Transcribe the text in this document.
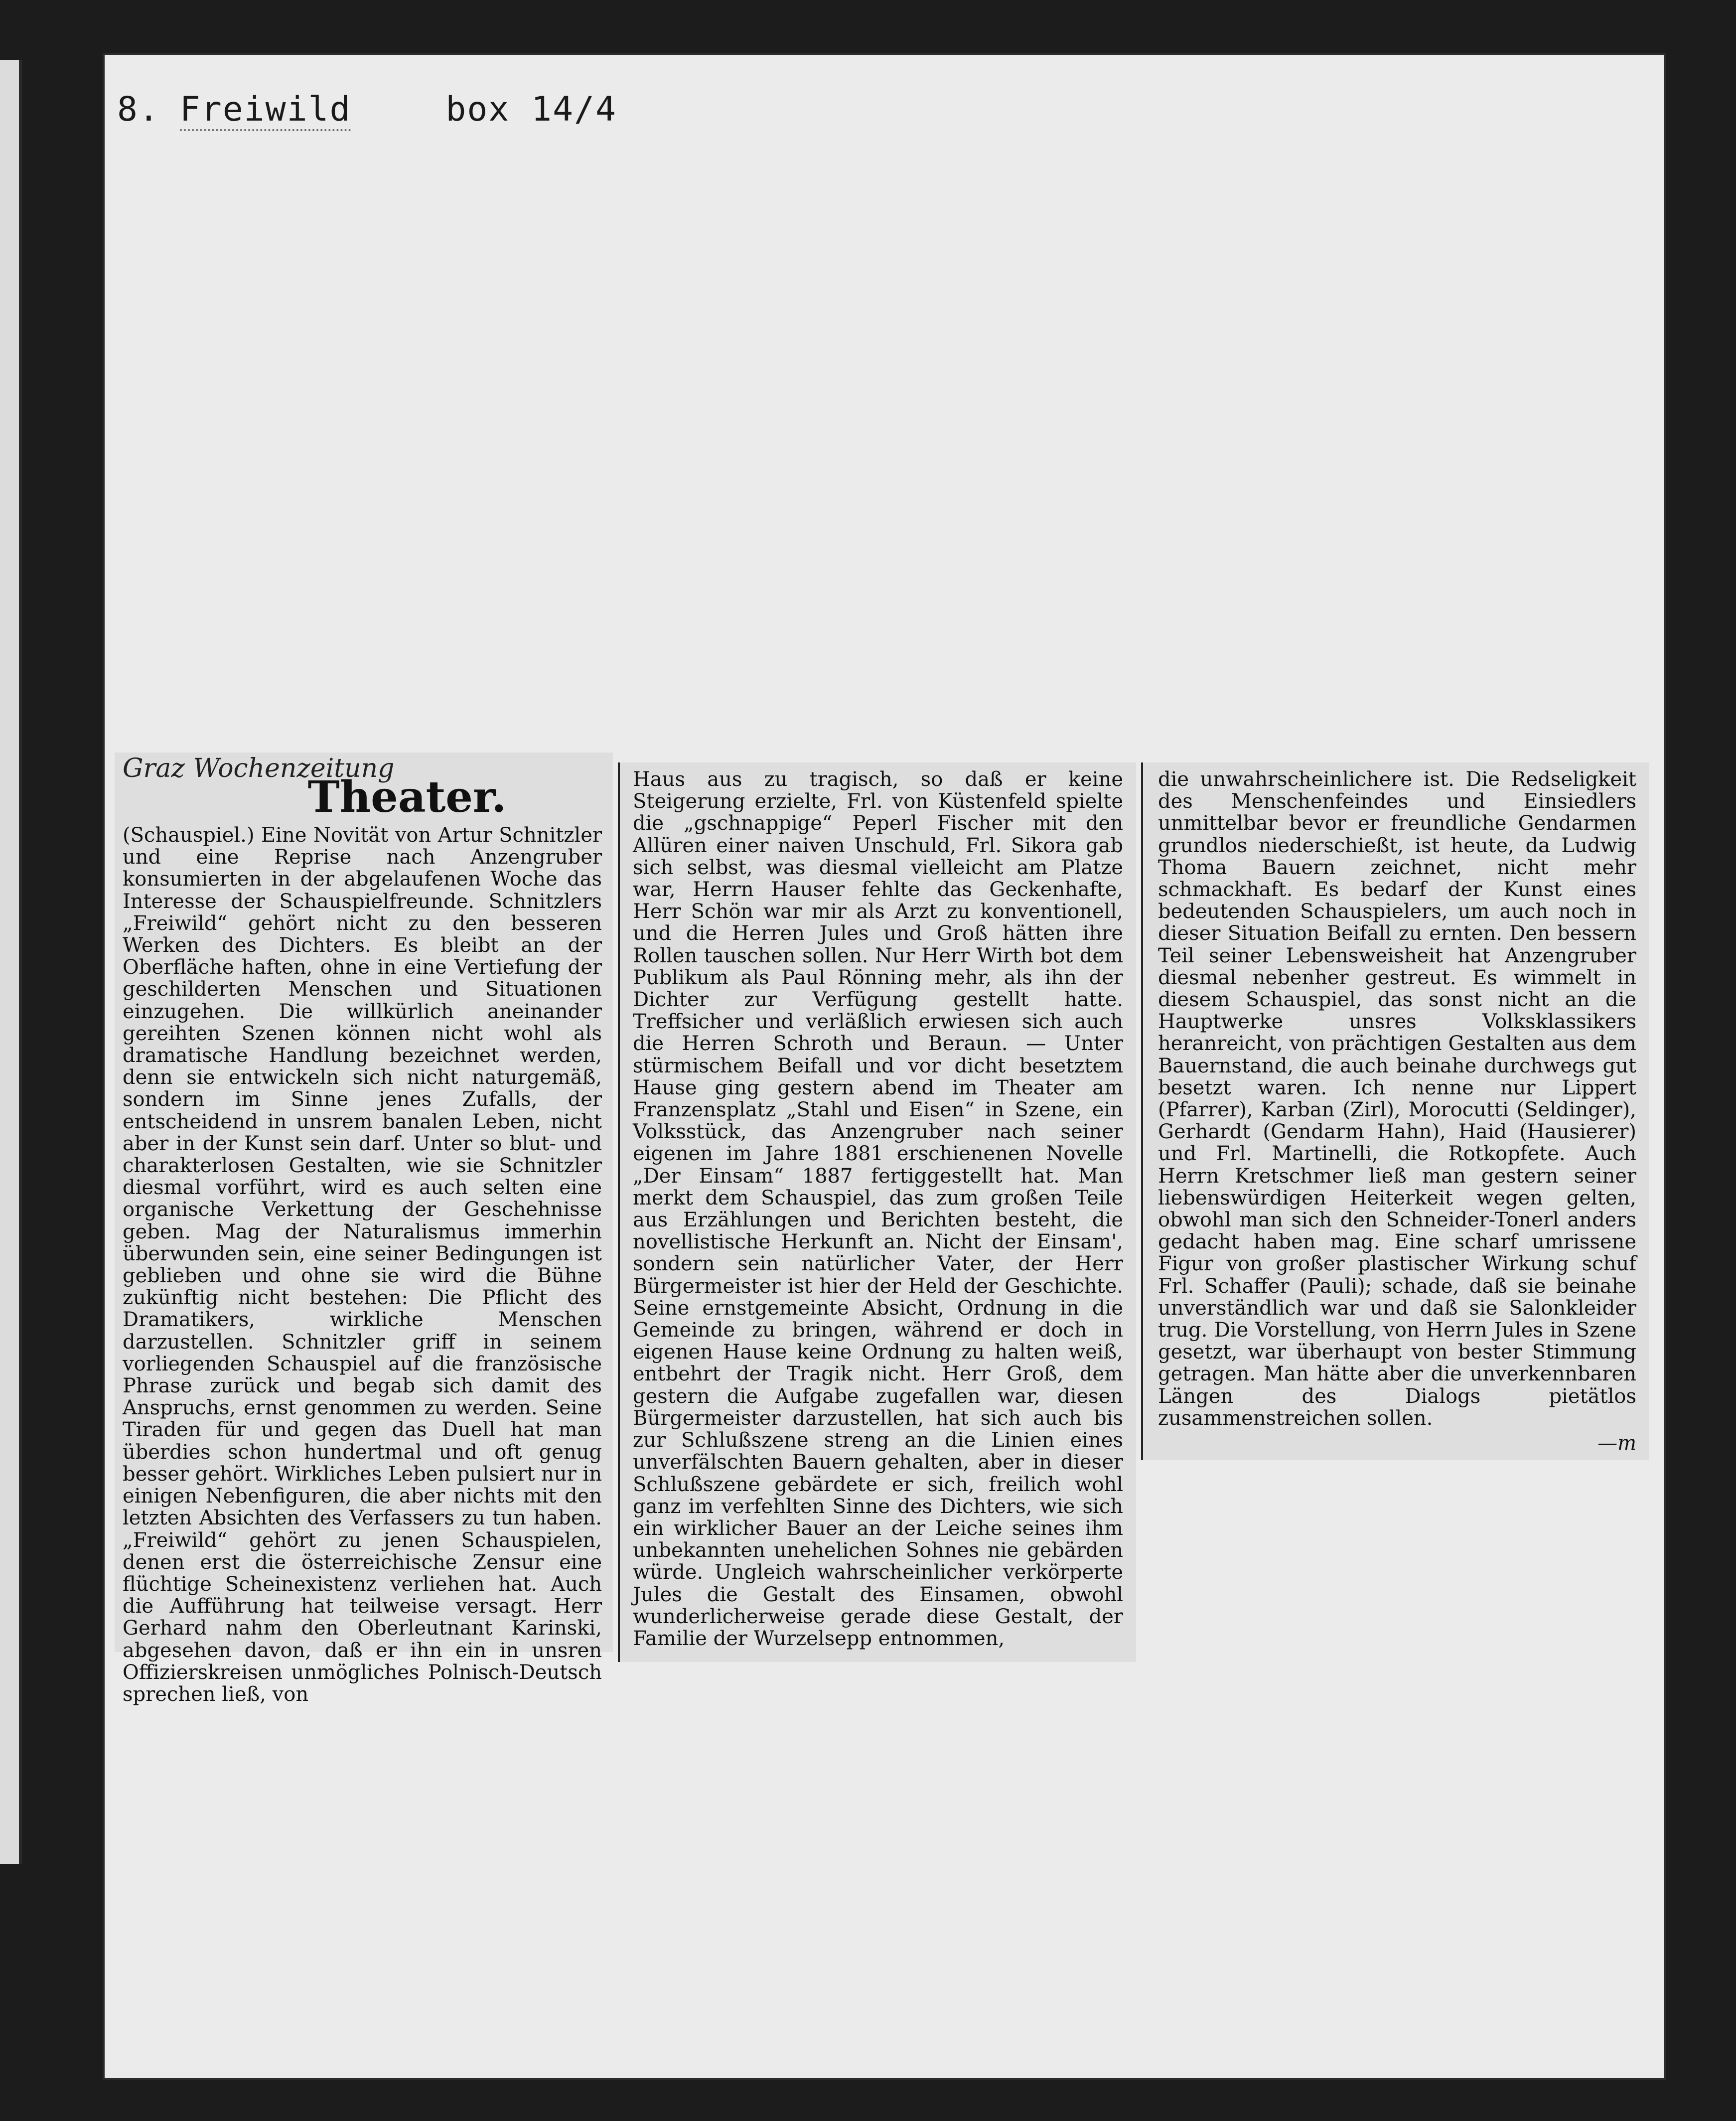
8. Freiwild	box 14/4
Graz Wochenzeitung
Theater.

(Schauspiel.) Eine Novität von Artur Schnitzler und eine Reprise nach Anzengruber konsumierten in der abgelaufenen Woche das Interesse der Schauspielfreunde. Schnitzlers „Freiwild“ gehört nicht zu den besseren Werken des Dichters. Es bleibt an der Oberfläche haften, ohne in eine Vertiefung der geschilderten Menschen und Situationen einzugehen. Die willkürlich aneinander gereihten Szenen können nicht wohl als dramatische Handlung bezeichnet werden, denn sie entwickeln sich nicht naturgemäß, sondern im Sinne jenes Zufalls, der entscheidend in unsrem banalen Leben, nicht aber in der Kunst sein darf. Unter so blut- und charakterlosen Gestalten, wie sie Schnitzler diesmal vorführt, wird es auch selten eine organische Verkettung der Geschehnisse geben. Mag der Naturalismus immerhin überwunden sein, eine seiner Bedingungen ist geblieben und ohne sie wird die Bühne zukünftig nicht bestehen: Die Pflicht des Dramatikers, wirkliche Menschen darzustellen. Schnitzler griff in seinem vorliegenden Schauspiel auf die französische Phrase zurück und begab sich damit des Anspruchs, ernst genommen zu werden. Seine Tiraden für und gegen das Duell hat man überdies schon hundertmal und oft genug besser gehört. Wirkliches Leben pulsiert nur in einigen Nebenfiguren, die aber nichts mit den letzten Absichten des Verfassers zu tun haben. „Freiwild“ gehört zu jenen Schauspielen, denen erst die österreichische Zensur eine flüchtige Scheinexistenz verliehen hat. Auch die Aufführung hat teilweise versagt. Herr Gerhard nahm den Oberleutnant Karinski, abgesehen davon, daß er ihn ein in unsren Offizierskreisen unmögliches Polnisch-Deutsch sprechen ließ, von

Haus aus zu tragisch, so daß er keine Steigerung erzielte, Frl. von Küstenfeld spielte die „gschnappige“ Peperl Fischer mit den Allüren einer naiven Unschuld, Frl. Sikora gab sich selbst, was diesmal vielleicht am Platze war, Herrn Hauser fehlte das Geckenhafte, Herr Schön war mir als Arzt zu konventionell, und die Herren Jules und Groß hätten ihre Rollen tauschen sollen. Nur Herr Wirth bot dem Publikum als Paul Rönning mehr, als ihn der Dichter zur Verfügung gestellt hatte. Treffsicher und verläßlich erwiesen sich auch die Herren Schroth und Beraun. — Unter stürmischem Beifall und vor dicht besetztem Hause ging gestern abend im Theater am Franzensplatz „Stahl und Eisen“ in Szene, ein Volksstück, das Anzengruber nach seiner eigenen im Jahre 1881 erschienenen Novelle „Der Einsam“ 1887 fertiggestellt hat. Man merkt dem Schauspiel, das zum großen Teile aus Erzählungen und Berichten besteht, die novellistische Herkunft an. Nicht der Einsam', sondern sein natürlicher Vater, der Herr Bürgermeister ist hier der Held der Geschichte. Seine ernstgemeinte Absicht, Ordnung in die Gemeinde zu bringen, während er doch in eigenen Hause keine Ordnung zu halten weiß, entbehrt der Tragik nicht. Herr Groß, dem gestern die Aufgabe zugefallen war, diesen Bürgermeister darzustellen, hat sich auch bis zur Schlußszene streng an die Linien eines unverfälschten Bauern gehalten, aber in dieser Schlußszene gebärdete er sich, freilich wohl ganz im verfehlten Sinne des Dichters, wie sich ein wirklicher Bauer an der Leiche seines ihm unbekannten unehelichen Sohnes nie gebärden würde. Ungleich wahrscheinlicher verkörperte Jules die Gestalt des Einsamen, obwohl wunderlicherweise gerade diese Gestalt, der Familie der Wurzelsepp entnommen,

die unwahrscheinlichere ist. Die Redseligkeit des Menschenfeindes und Einsiedlers unmittelbar bevor er freundliche Gendarmen grundlos niederschießt, ist heute, da Ludwig Thoma Bauern zeichnet, nicht mehr schmackhaft. Es bedarf der Kunst eines bedeutenden Schauspielers, um auch noch in dieser Situation Beifall zu ernten. Den bessern Teil seiner Lebensweisheit hat Anzengruber diesmal nebenher gestreut. Es wimmelt in diesem Schauspiel, das sonst nicht an die Hauptwerke unsres Volksklassikers heranreicht, von prächtigen Gestalten aus dem Bauernstand, die auch beinahe durchwegs gut besetzt waren. Ich nenne nur Lippert (Pfarrer), Karban (Zirl), Morocutti (Seldinger), Gerhardt (Gendarm Hahn), Haid (Hausierer) und Frl. Martinelli, die Rotkopfete. Auch Herrn Kretschmer ließ man gestern seiner liebenswürdigen Heiterkeit wegen gelten, obwohl man sich den Schneider-Tonerl anders gedacht haben mag. Eine scharf umrissene Figur von großer plastischer Wirkung schuf Frl. Schaffer (Pauli); schade, daß sie beinahe unverständlich war und daß sie Salonkleider trug. Die Vorstellung, von Herrn Jules in Szene gesetzt, war überhaupt von bester Stimmung getragen. Man hätte aber die unverkennbaren Längen des Dialogs pietätlos zusammenstreichen sollen.

—m
